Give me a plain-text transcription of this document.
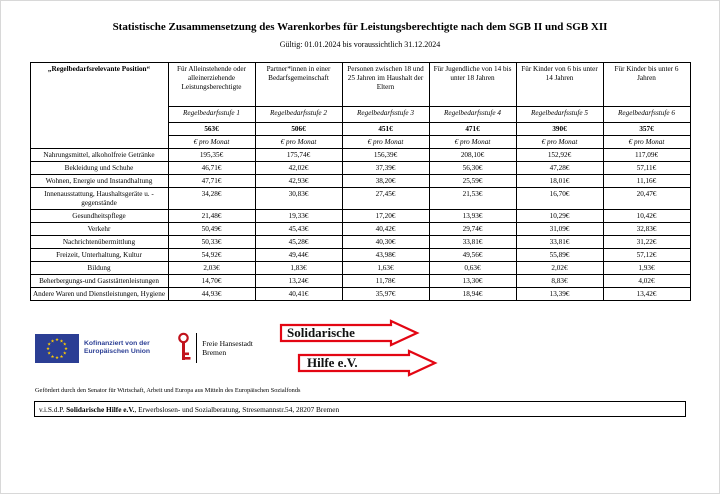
Statistische Zusammensetzung des Warenkorbes für Leistungsberechtigte nach dem SGB II und SGB XII
Gültig: 01.01.2024 bis voraussichtlich 31.12.2024
„Regelbedarfsrelevante Position“	Für Alleinstehende oder alleinerziehende Leistungsberechtigte	Partner*innen in einer Bedarfsgemeinschaft	Personen zwischen 18 und 25 Jahren im Haushalt der Eltern	Für Jugendliche von 14 bis unter 18 Jahren	Für Kinder von 6 bis unter 14 Jahren	Für Kinder bis unter 6 Jahren
	Regelbedarfsstufe 1	Regelbedarfsstufe 2	Regelbedarfsstufe 3	Regelbedarfsstufe 4	Regelbedarfsstufe 5	Regelbedarfsstufe 6
	563€	506€	451€	471€	390€	357€
	€ pro Monat	€ pro Monat	€ pro Monat	€ pro Monat	€ pro Monat	€ pro Monat
Nahrungsmittel, alkoholfreie Getränke	195,35€	175,74€	156,39€	208,10€	152,92€	117,09€
Bekleidung und Schuhe	46,71€	42,02€	37,39€	56,30€	47,28€	57,11€
Wohnen, Energie und Instandhaltung	47,71€	42,93€	38,20€	25,59€	18,01€	11,16€
Innenausstattung, Haushaltsgeräte u. -gegenstände	34,28€	30,83€	27,45€	21,53€	16,70€	20,47€
Gesundheitspflege	21,48€	19,33€	17,20€	13,93€	10,29€	10,42€
Verkehr	50,49€	45,43€	40,42€	29,74€	31,09€	32,83€
Nachrichtenübermittlung	50,33€	45,28€	40,30€	33,81€	33,81€	31,22€
Freizeit, Unterhaltung, Kultur	54,92€	49,44€	43,98€	49,56€	55,89€	57,12€
Bildung	2,03€	1,83€	1,63€	0,63€	2,02€	1,93€
Beherbergungs-und Gaststättenleistungen	14,70€	13,24€	11,78€	13,30€	8,83€	4,02€
Andere Waren und Dienstleistungen, Hygiene	44,93€	40,41€	35,97€	18,94€	13,39€	13,42€
★ ★
★
★
★
★
★
★
★
★
★
★	Kofinanziert von der
Europäischen Union
Freie Hansestadt
Bremen
Solidarische
Hilfe e.V.
Gefördert durch den Senator für Wirtschaft, Arbeit und Europa aus Mitteln des Europäischen Sozialfonds
v.i.S.d.P. Solidarische Hilfe e.V., Erwerbslosen- und Sozialberatung, Stresemannstr.54, 28207 Bremen
